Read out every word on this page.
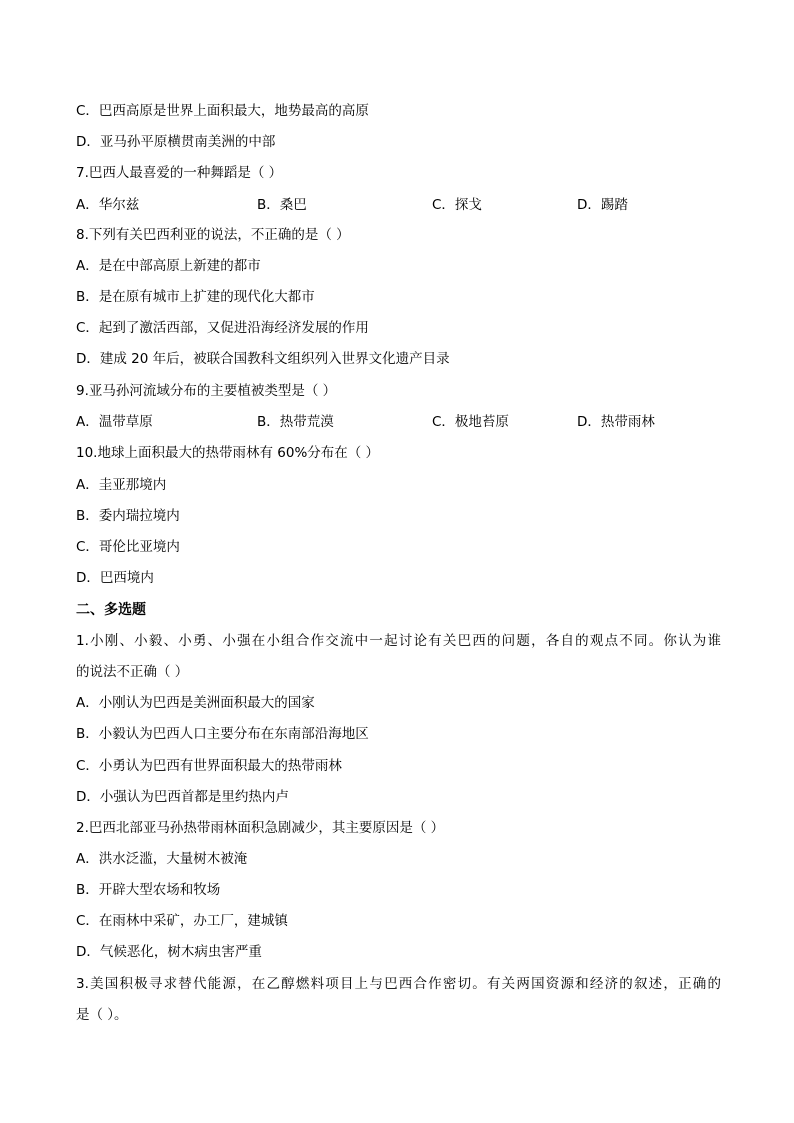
C．巴西高原是世界上面积最大，地势最高的高原
D．亚马孙平原横贯南美洲的中部
7.巴西人最喜爱的一种舞蹈是（ ）
A．华尔兹	B．桑巴	C．探戈	D．踢踏
8.下列有关巴西利亚的说法，不正确的是（ ）
A．是在中部高原上新建的都市
B．是在原有城市上扩建的现代化大都市
C．起到了激活西部，又促进沿海经济发展的作用
D．建成 20 年后，被联合国教科文组织列入世界文化遗产目录
9.亚马孙河流域分布的主要植被类型是（ ）
A．温带草原	B．热带荒漠	C．极地苔原	D．热带雨林
10.地球上面积最大的热带雨林有 60%分布在（ ）
A．圭亚那境内
B．委内瑞拉境内
C．哥伦比亚境内
D．巴西境内
二、多选题
1.小刚、小毅、小勇、小强在小组合作交流中一起讨论有关巴西的问题，各自的观点不同。你认为谁
的说法不正确（ ）
A．小刚认为巴西是美洲面积最大的国家
B．小毅认为巴西人口主要分布在东南部沿海地区
C．小勇认为巴西有世界面积最大的热带雨林
D．小强认为巴西首都是里约热内卢
2.巴西北部亚马孙热带雨林面积急剧减少，其主要原因是（ ）
A．洪水泛滥，大量树木被淹
B．开辟大型农场和牧场
C．在雨林中采矿，办工厂，建城镇
D．气候恶化，树木病虫害严重
3.美国积极寻求替代能源，在乙醇燃料项目上与巴西合作密切。有关两国资源和经济的叙述，正确的
是（ ）。
